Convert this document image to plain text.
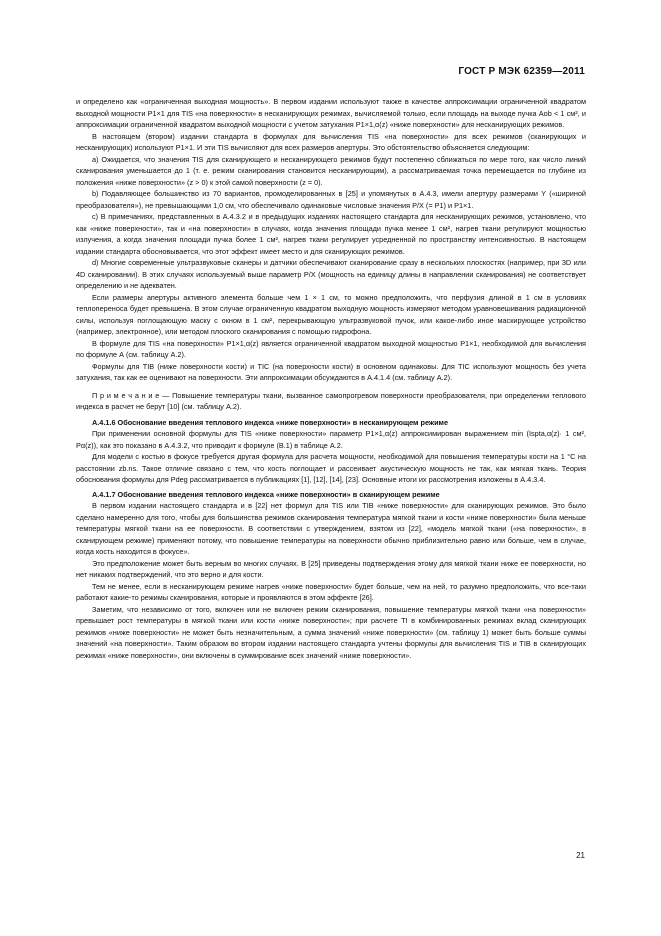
ГОСТ Р МЭК 62359—2011

и определено как «ограниченная выходная мощность». В первом издании используют также в качестве аппроксимации ограниченной квадратом выходной мощности P1×1 для TIS «на поверхности» в несканирующих режимах, вычисляемой только, если площадь на выходе пучка Aob < 1 см², и аппроксимации ограниченной квадратом выходной мощности с учетом затухания P1×1,α(z) «ниже поверхности» для несканирующих режимов.

В настоящем (втором) издании стандарта в формулах для вычисления TIS «на поверхности» для всех режимов (сканирующих и несканирующих) используют P1×1. И эти TIS вычисляют для всех размеров апертуры. Это обстоятельство объясняется следующим:

a) Ожидается, что значения TIS для сканирующего и несканирующего режимов будут постепенно сближаться по мере того, как число линий сканирования уменьшается до 1 (т. е. режим сканирования становится несканирующим), а рассматриваемая точка перемещается по глубине из положения «ниже поверхности» (z > 0) к этой самой поверхности (z = 0).

b) Подавляющее большинство из 70 вариантов, промоделированных в [25] и упомянутых в А.4.3, имели апертуру размерами Y («шириной преобразователя»), не превышающими 1,0 см, что обеспечивало одинаковые числовые значения P/X (= P1) и P1×1.

c) В примечаниях, представленных в А.4.3.2 и в предыдущих изданиях настоящего стандарта для несканирующих режимов, установлено, что как «ниже поверхности», так и «на поверхности» в случаях, когда значения площади пучка менее 1 см², нагрев ткани регулируют мощностью излучения, а когда значения площади пучка более 1 см², нагрев ткани регулирует усредненной по пространству интенсивностью. В настоящем издании стандарта обосновывается, что этот эффект имеет место и для сканирующих режимов.

d) Многие современные ультразвуковые сканеры и датчики обеспечивают сканирование сразу в нескольких плоскостях (например, при 3D или 4D сканировании). В этих случаях используемый выше параметр P/X (мощность на единицу длины в направлении сканирования) не соответствует определению и не адекватен.

Если размеры апертуры активного элемента больше чем 1 × 1 см, то можно предположить, что перфузия длиной в 1 см в условиях теплопереноса будет превышена. В этом случае ограниченную квадратом выходную мощность измеряют методом уравновешивания радиационной силы, используя поглощающую маску с окном в 1 см², перекрывающую ультразвуковой пучок, или какое-либо иное маскирующее устройство (например, электронное), или методом плоского сканирования с помощью гидрофона.

В формуле для TIS «на поверхности» P1×1,α(z) является ограниченной квадратом выходной мощностью P1×1, необходимой для вычисления по формуле А (см. таблицу А.2).

Формулы для TIB (ниже поверхности кости) и TIC (на поверхности кости) в основном одинаковы. Для TIC используют мощность без учета затухания, так как ее оценивают на поверхности. Эти аппроксимации обсуждаются в А.4.1.4 (см. таблицу А.2).

П р и м е ч а н и е — Повышение температуры ткани, вызванное самопрогревом поверхности преобразователя, при определении теплового индекса в расчет не берут [10] (см. таблицу А.2).

А.4.1.6 Обоснование введения теплового индекса «ниже поверхности» в несканирующем режиме

При применении основной формулы для TIS «ниже поверхности» параметр P1×1,α(z) аппроксимирован выражением min (Ispta,α(z)· 1 см², Pα(z)), как это показано в А.4.3.2, что приводит к формуле (В.1) в таблице А.2.

Для модели с костью в фокусе требуется другая формула для расчета мощности, необходимой для повышения температуры кости на 1 °С на расстоянии zb.ns. Такое отличие связано с тем, что кость поглощает и рассеивает акустическую мощность не так, как мягкая ткань. Теория обоснования формулы для Pdeg рассматривается в публикациях [1], [12], [14], [23]. Основные итоги их рассмотрения изложены в А.4.3.4.

А.4.1.7 Обоснование введения теплового индекса «ниже поверхности» в сканирующем режиме

В первом издании настоящего стандарта и в [22] нет формул для TIS или TIB «ниже поверхности» для сканирующих режимов. Это было сделано намеренно для того, чтобы для большинства режимов сканирования температура мягкой ткани и кости «ниже поверхности» была меньше температуры мягкой ткани на ее поверхности. В соответствии с утверждением, взятом из [22], «модель мягкой ткани («на поверхности», в сканирующем режиме) применяют потому, что повышение температуры на поверхности обычно приблизительно равно или больше, чем в случае, когда кость находится в фокусе».

Это предположение может быть верным во многих случаях. В [25] приведены подтверждения этому для мягкой ткани ниже ее поверхности, но нет никаких подтверждений, что это верно и для кости.

Тем не менее, если в несканирующем режиме нагрев «ниже поверхности» будет больше, чем на ней, то разумно предположить, что все-таки работают какие-то режимы сканирования, которые и проявляются в этом эффекте [26].

Заметим, что независимо от того, включен или не включен режим сканирования, повышение температуры мягкой ткани «на поверхности» превышает рост температуры в мягкой ткани или кости «ниже поверхности»; при расчете TI в комбинированных режимах вклад сканирующих режимов «ниже поверхности» не может быть незначительным, а сумма значений «ниже поверхности» (см. таблицу 1) может быть больше суммы значений «на поверхности». Таким образом во втором издании настоящего стандарта учтены формулы для вычисления TIS и TIB в сканирующих режимах «ниже поверхности», они включены в суммирование всех значений «ниже поверхности».

21
